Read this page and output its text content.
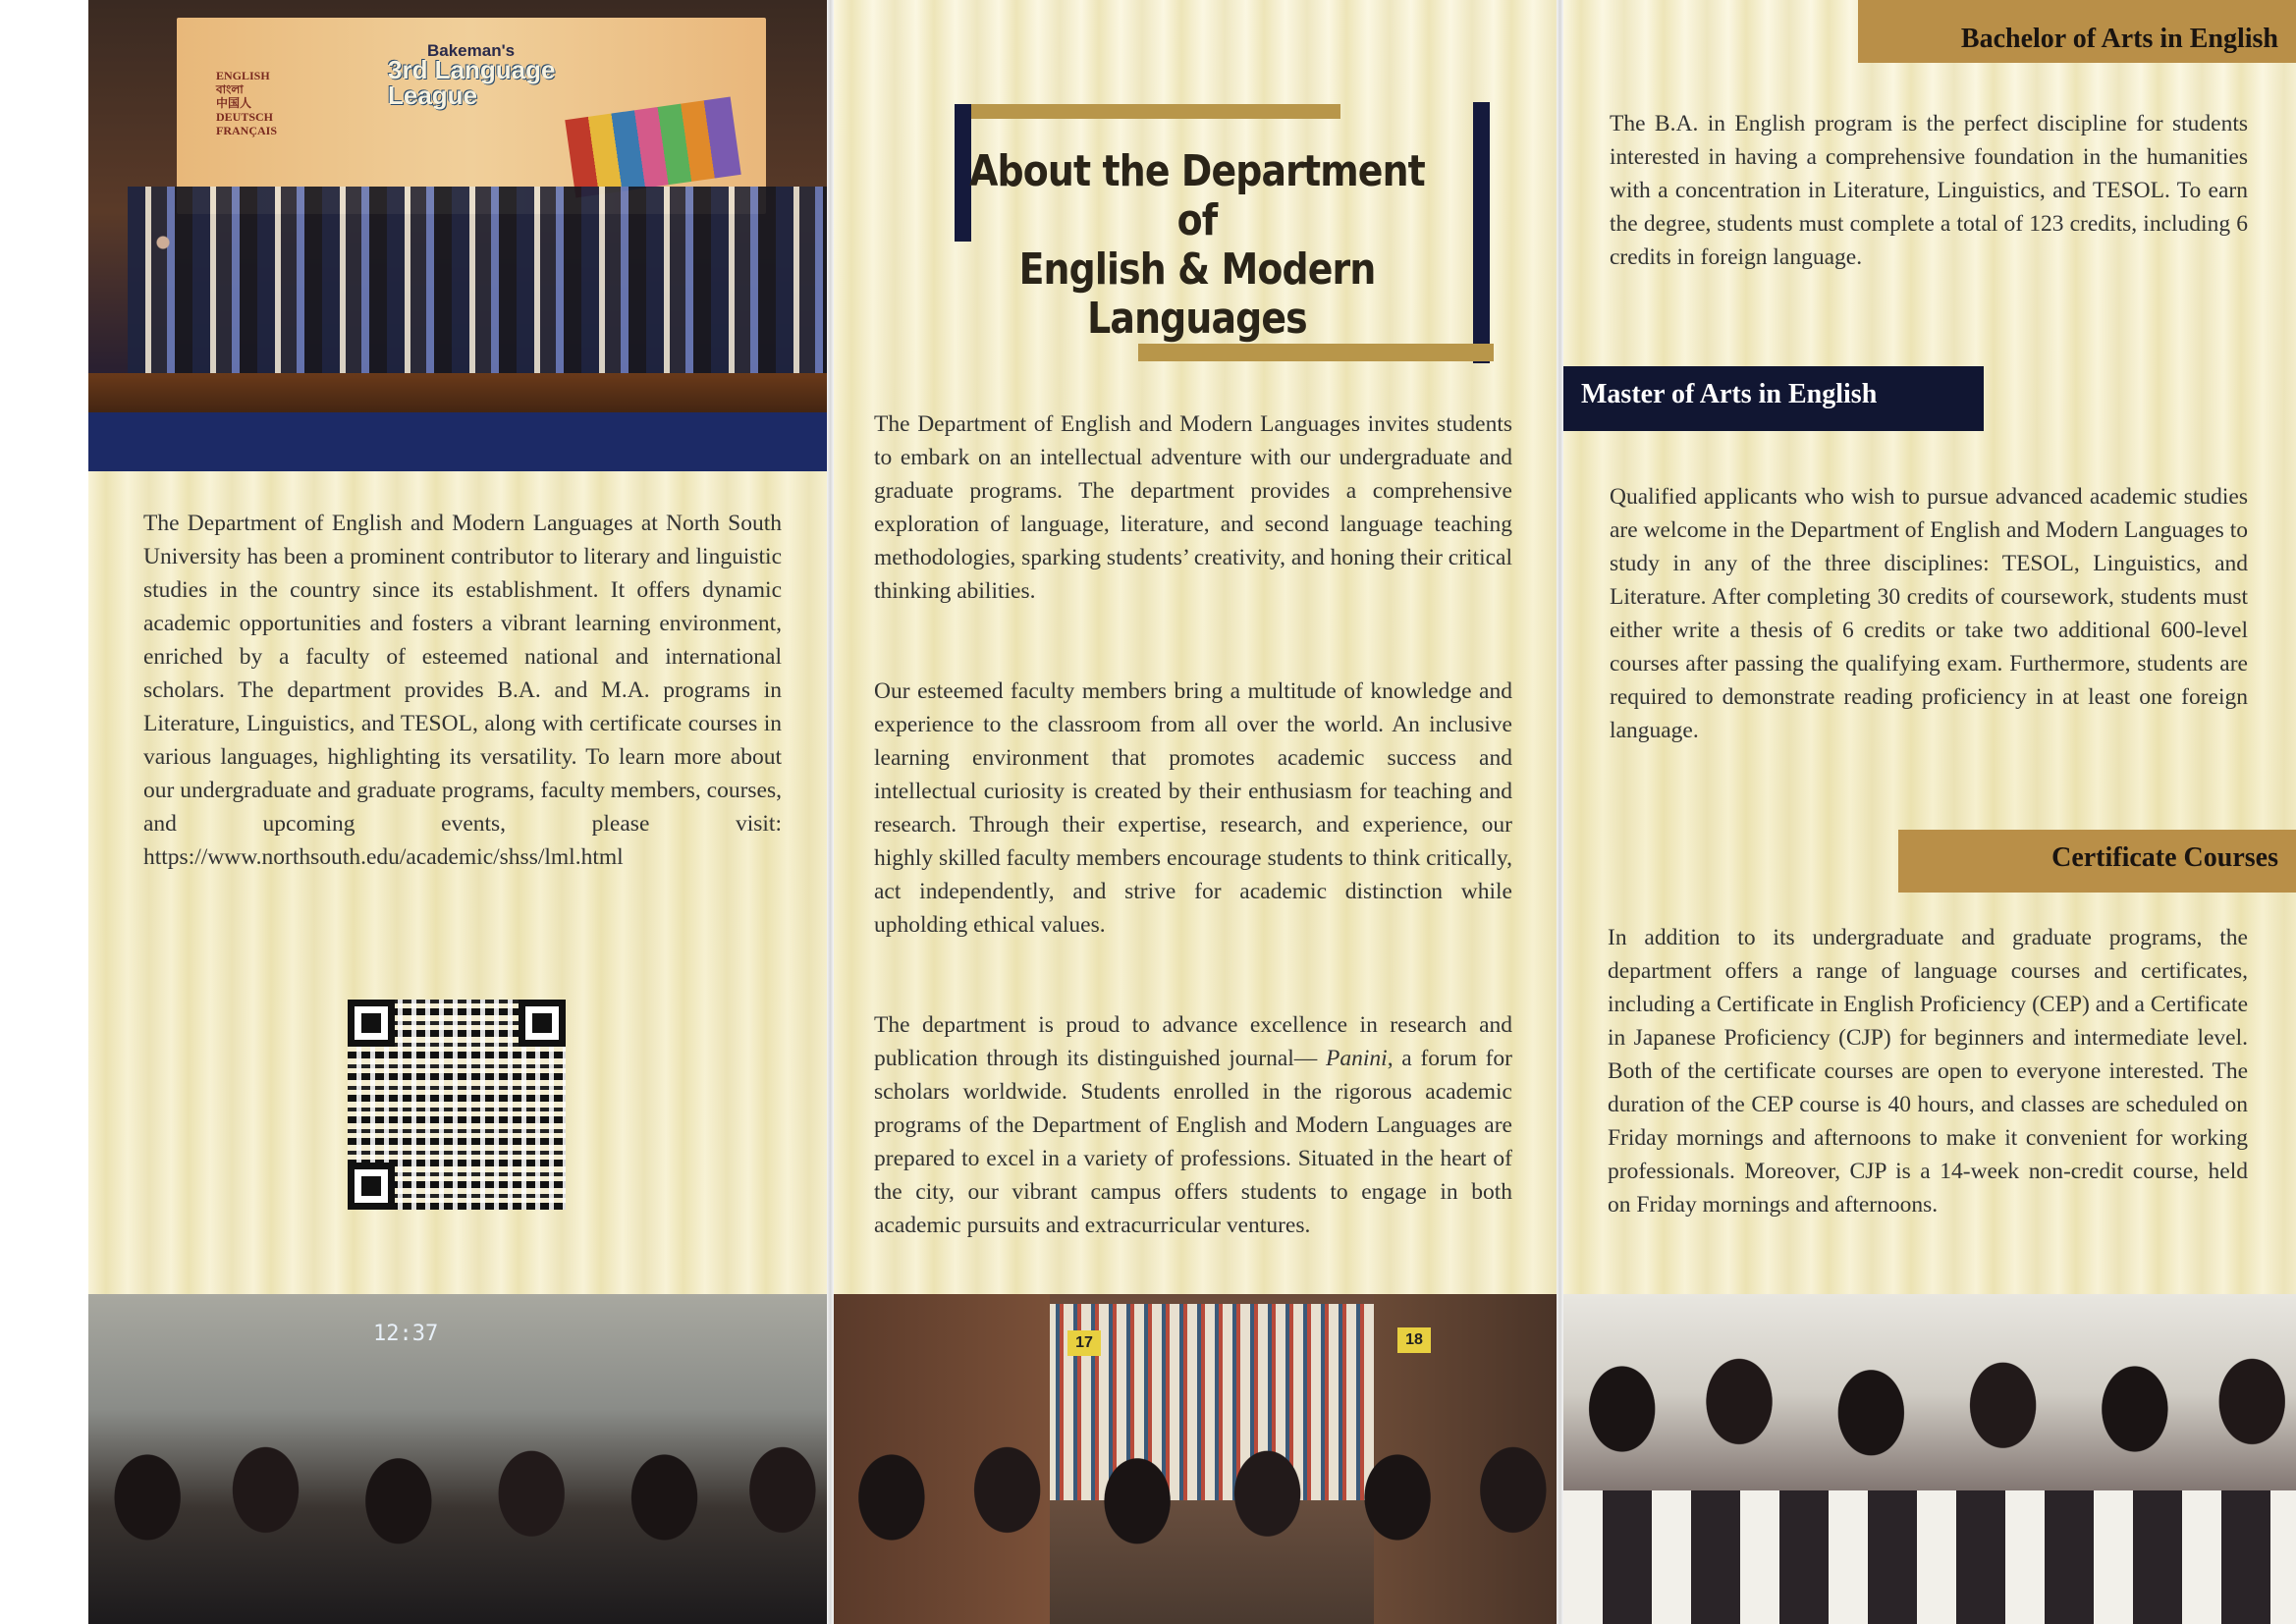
ENGLISH
বাংলা
中国人
DEUTSCH
FRANÇAIS
Bakeman's
3rd Language League

The Department of English and Modern Languages at North South University has been a prominent contributor to literary and linguistic studies in the country since its establishment. It offers dynamic academic opportunities and fosters a vibrant learning environment, enriched by a faculty of esteemed national and international scholars. The department provides B.A. and M.A. programs in Literature, Linguistics, and TESOL, along with certificate courses in various languages, highlighting its versatility. To learn more about our undergraduate and graduate programs, faculty members, courses, and upcoming events, please visit: https://www.northsouth.edu/academic/shss/lml.html

12:37
About the Department
of
English & Modern Languages

The Department of English and Modern Languages invites students to embark on an intellectual adventure with our undergraduate and graduate programs. The department provides a comprehensive exploration of language, literature, and second language teaching methodologies, sparking students’ creativity, and honing their critical thinking abilities.

Our esteemed faculty members bring a multitude of knowledge and experience to the classroom from all over the world. An inclusive learning environment that promotes academic success and intellectual curiosity is created by their enthusiasm for teaching and research. Through their expertise, research, and experience, our highly skilled faculty members encourage students to think critically, act independently, and strive for academic distinction while upholding ethical values.

The department is proud to advance excellence in research and publication through its distinguished journal— Panini, a forum for scholars worldwide. Students enrolled in the rigorous academic programs of the Department of English and Modern Languages are prepared to excel in a variety of professions. Situated in the heart of the city, our vibrant campus offers students to engage in both academic pursuits and extracurricular ventures.

17	18
Bachelor of Arts in English

The B.A. in English program is the perfect discipline for students interested in having a comprehensive foundation in the humanities with a concentration in Literature, Linguistics, and TESOL. To earn the degree, students must complete a total of 123 credits, including 6 credits in foreign language.

Master of Arts in English

Qualified applicants who wish to pursue advanced academic studies are welcome in the Department of English and Modern Languages to study in any of the three disciplines: TESOL, Linguistics, and Literature. After completing 30 credits of coursework, students must either write a thesis of 6 credits or take two additional 600-level courses after passing the qualifying exam. Furthermore, students are required to demonstrate reading proficiency in at least one foreign language.

Certificate Courses

In addition to its undergraduate and graduate programs, the department offers a range of language courses and certificates, including a Certificate in English Proficiency (CEP) and a Certificate in Japanese Proficiency (CJP) for beginners and intermediate level. Both of the certificate courses are open to everyone interested. The duration of the CEP course is 40 hours, and classes are scheduled on Friday mornings and afternoons to make it convenient for working professionals. Moreover, CJP is a 14-week non-credit course, held on Friday mornings and afternoons.
